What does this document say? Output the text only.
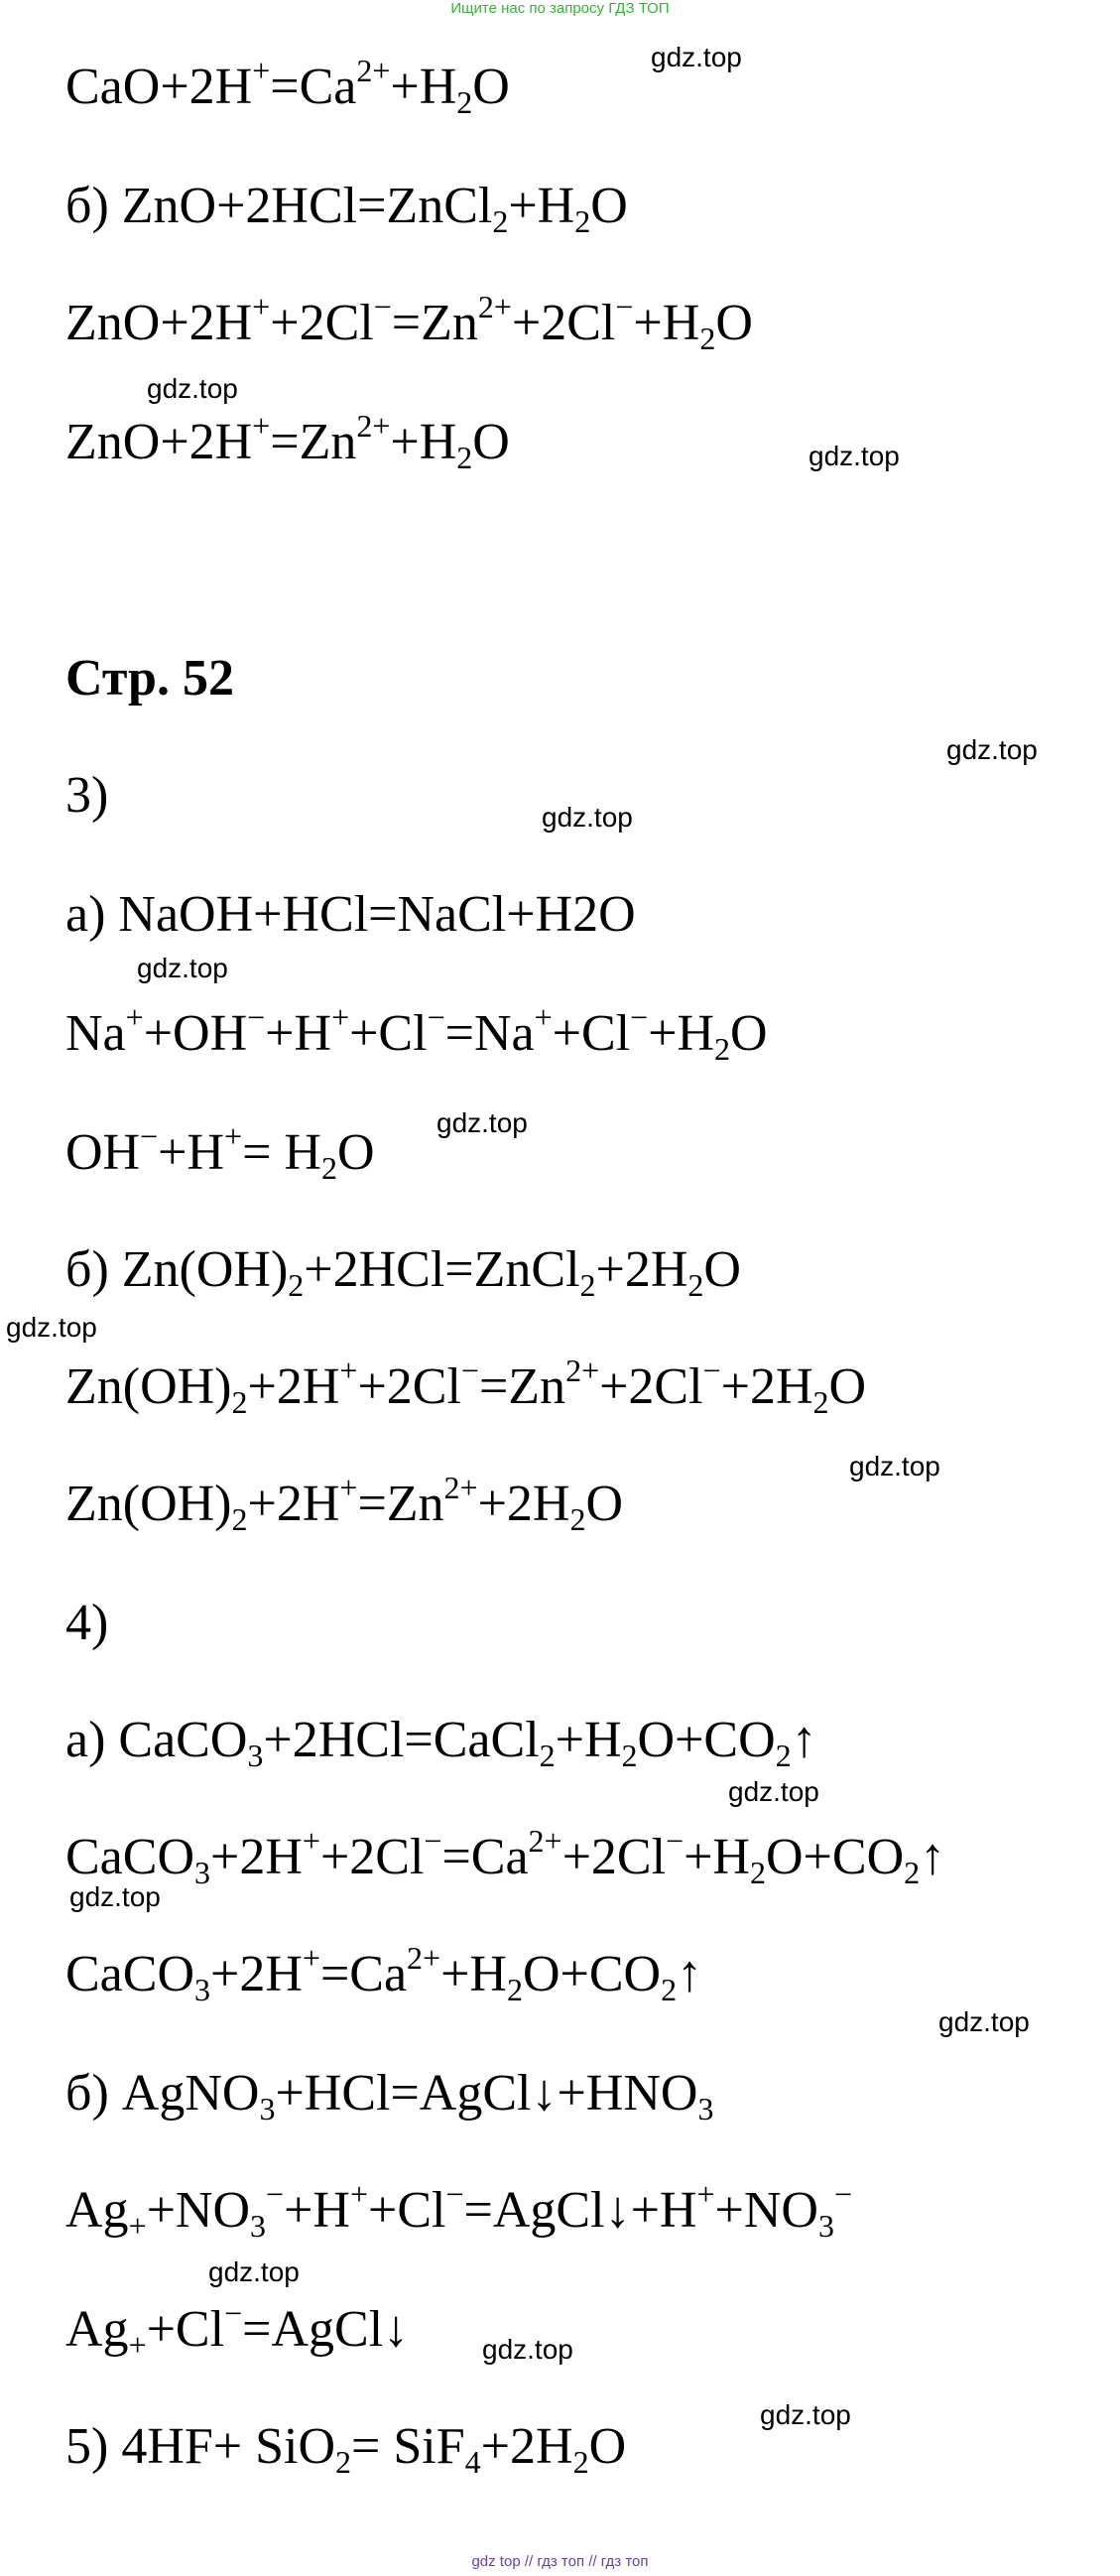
Ищите нас по запросу ГДЗ ТОП
$CaO+2H^+=Ca^{2+}+H_2O$
gdz.top
б) $ZnO+2HCl=ZnCl_2+H_2O$
$ZnO+2H^++2Cl^-=Zn^{2+}+2Cl^-+H_2O$
gdz.top
$ZnO+2H^+=Zn^{2+}+H_2O$	gdz.top
Стр. 52
gdz.top
3)	gdz.top
а) NaOH+HCl=NaCl+H2O
gdz.top
$Na^++OH^-+H^++Cl^-=Na^++Cl^-+H_2O$
$OH^-+H^+= H_2O$
gdz.top
б) $Zn(OH)_2+2HCl=ZnCl_2+2H_2O$
gdz.top
$Zn(OH)_2+2H^++2Cl^-=Zn^{2+}+2Cl^-+2H_2O$
gdz.top
$Zn(OH)_2+2H^+=Zn^{2+}+2H_2O$
4)
а) $CaCO_3+2HCl=CaCl_2+H_2O+CO_2↑$
gdz.top
$CaCO_3+2H^++2Cl^-=Ca^{2+}+2Cl^-+H_2O+CO_2↑$
gdz.top
$CaCO_3+2H^+=Ca^{2+}+H_2O+CO_2↑$
gdz.top
б) $AgNO_3+HCl=AgCl↓+HNO_3$
$Ag_++NO_3^-+H^++Cl^-=AgCl↓+H^++NO_3^-$
gdz.top
$Ag_++Cl^-=AgCl↓$	gdz.top
gdz.top
5) $4HF+ SiO_2= SiF_4+2H_2O$
gdz top // гдз топ // гдз топ
